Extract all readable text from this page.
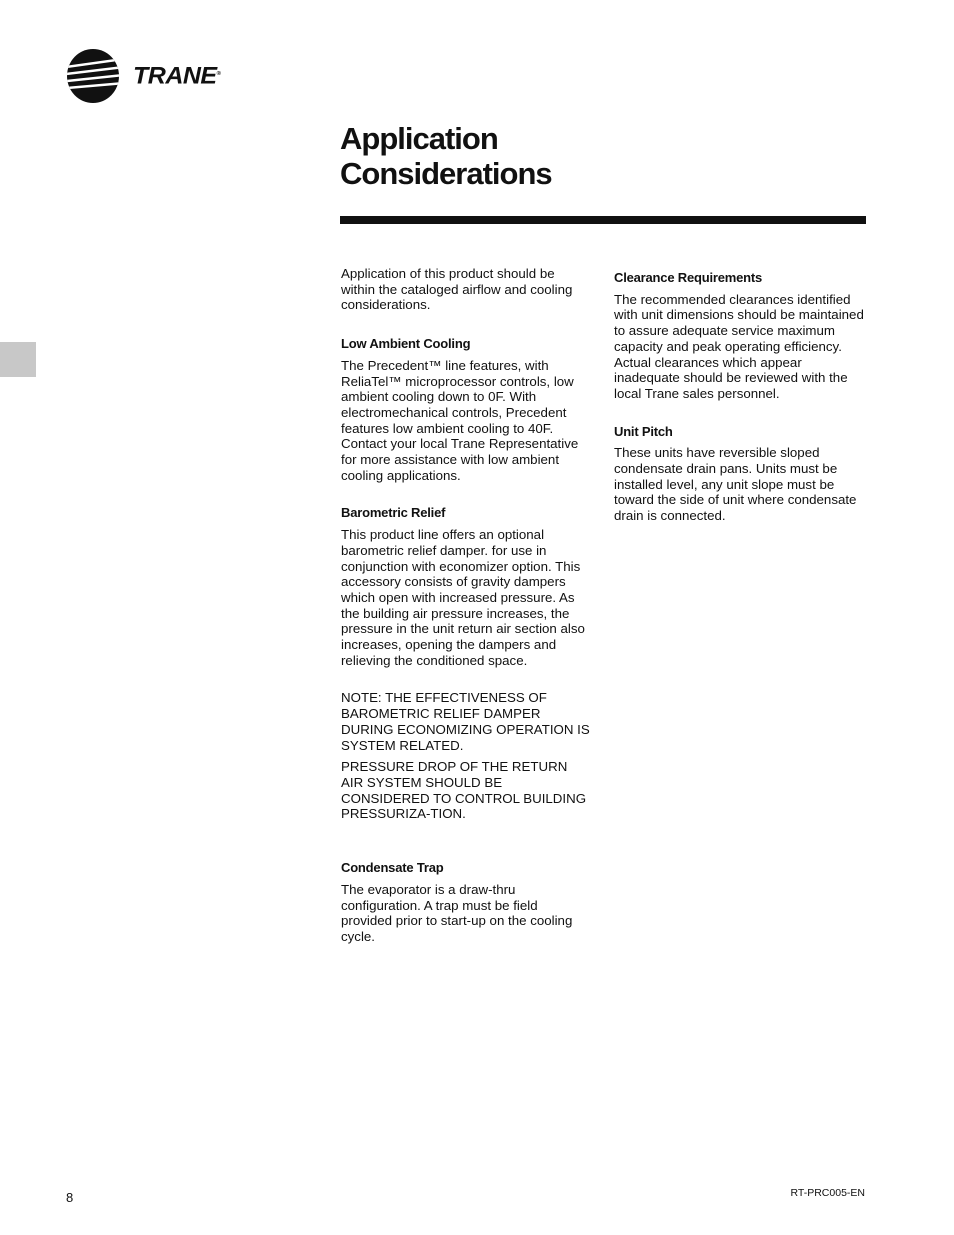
TRANE®
Application
Considerations

Application of this product should be within the cataloged airflow and cooling considerations.

Low Ambient Cooling

The Precedent™ line features, with ReliaTel™ microprocessor controls, low ambient cooling down to 0F. With electromechanical controls, Precedent features low ambient cooling to 40F. Contact your local Trane Representative for more assistance with low ambient cooling applications.

Barometric Relief

This product line offers an optional barometric relief damper. for use in conjunction with economizer option. This accessory consists of gravity dampers which open with increased pressure. As the building air pressure increases, the pressure in the unit return air section also increases, opening the dampers and relieving the conditioned space.

NOTE: THE EFFECTIVENESS OF BAROMETRIC RELIEF DAMPER DURING ECONOMIZING OPERATION IS SYSTEM RELATED.

PRESSURE DROP OF THE RETURN AIR SYSTEM SHOULD BE CONSIDERED TO CONTROL BUILDING PRESSURIZA-TION.

Condensate Trap

The evaporator is a draw-thru configuration. A trap must be field provided prior to start-up on the cooling cycle.

Clearance Requirements

The recommended clearances identified with unit dimensions should be maintained to assure adequate service maximum capacity and peak operating efficiency. Actual clearances which appear inadequate should be reviewed with the local Trane sales personnel.

Unit Pitch

These units have reversible sloped condensate drain pans. Units must be installed level, any unit slope must be toward the side of unit where condensate drain is connected.

8	RT-PRC005-EN
